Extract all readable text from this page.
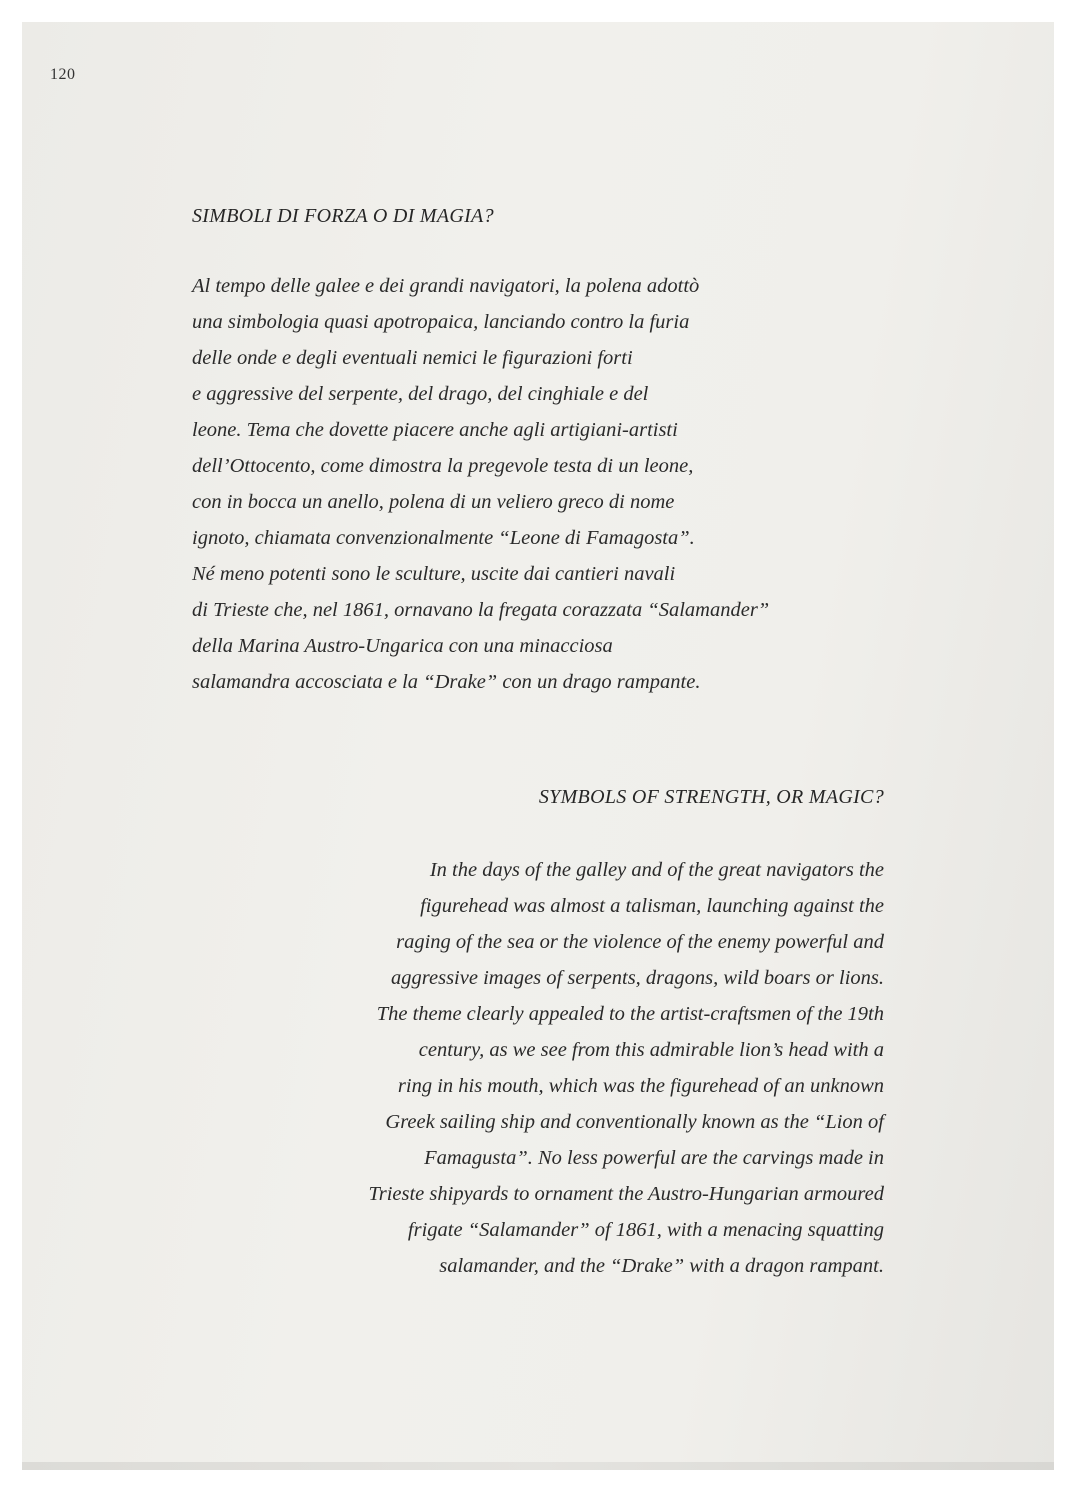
120
SIMBOLI DI FORZA O DI MAGIA?
Al tempo delle galee e dei grandi navigatori, la polena adottò
una simbologia quasi apotropaica, lanciando contro la furia
delle onde e degli eventuali nemici le figurazioni forti
e aggressive del serpente, del drago, del cinghiale e del
leone. Tema che dovette piacere anche agli artigiani-artisti
dell’Ottocento, come dimostra la pregevole testa di un leone,
con in bocca un anello, polena di un veliero greco di nome
ignoto, chiamata convenzionalmente “Leone di Famagosta”.
Né meno potenti sono le sculture, uscite dai cantieri navali
di Trieste che, nel 1861, ornavano la fregata corazzata “Salamander”
della Marina Austro-Ungarica con una minacciosa
salamandra accosciata e la “Drake” con un drago rampante.
SYMBOLS OF STRENGTH, OR MAGIC?
In the days of the galley and of the great navigators the
figurehead was almost a talisman, launching against the
raging of the sea or the violence of the enemy powerful and
aggressive images of serpents, dragons, wild boars or lions.
The theme clearly appealed to the artist-craftsmen of the 19th
century, as we see from this admirable lion’s head with a
ring in his mouth, which was the figurehead of an unknown
Greek sailing ship and conventionally known as the “Lion of
Famagusta”. No less powerful are the carvings made in
Trieste shipyards to ornament the Austro-Hungarian armoured
frigate “Salamander” of 1861, with a menacing squatting
salamander, and the “Drake” with a dragon rampant.
